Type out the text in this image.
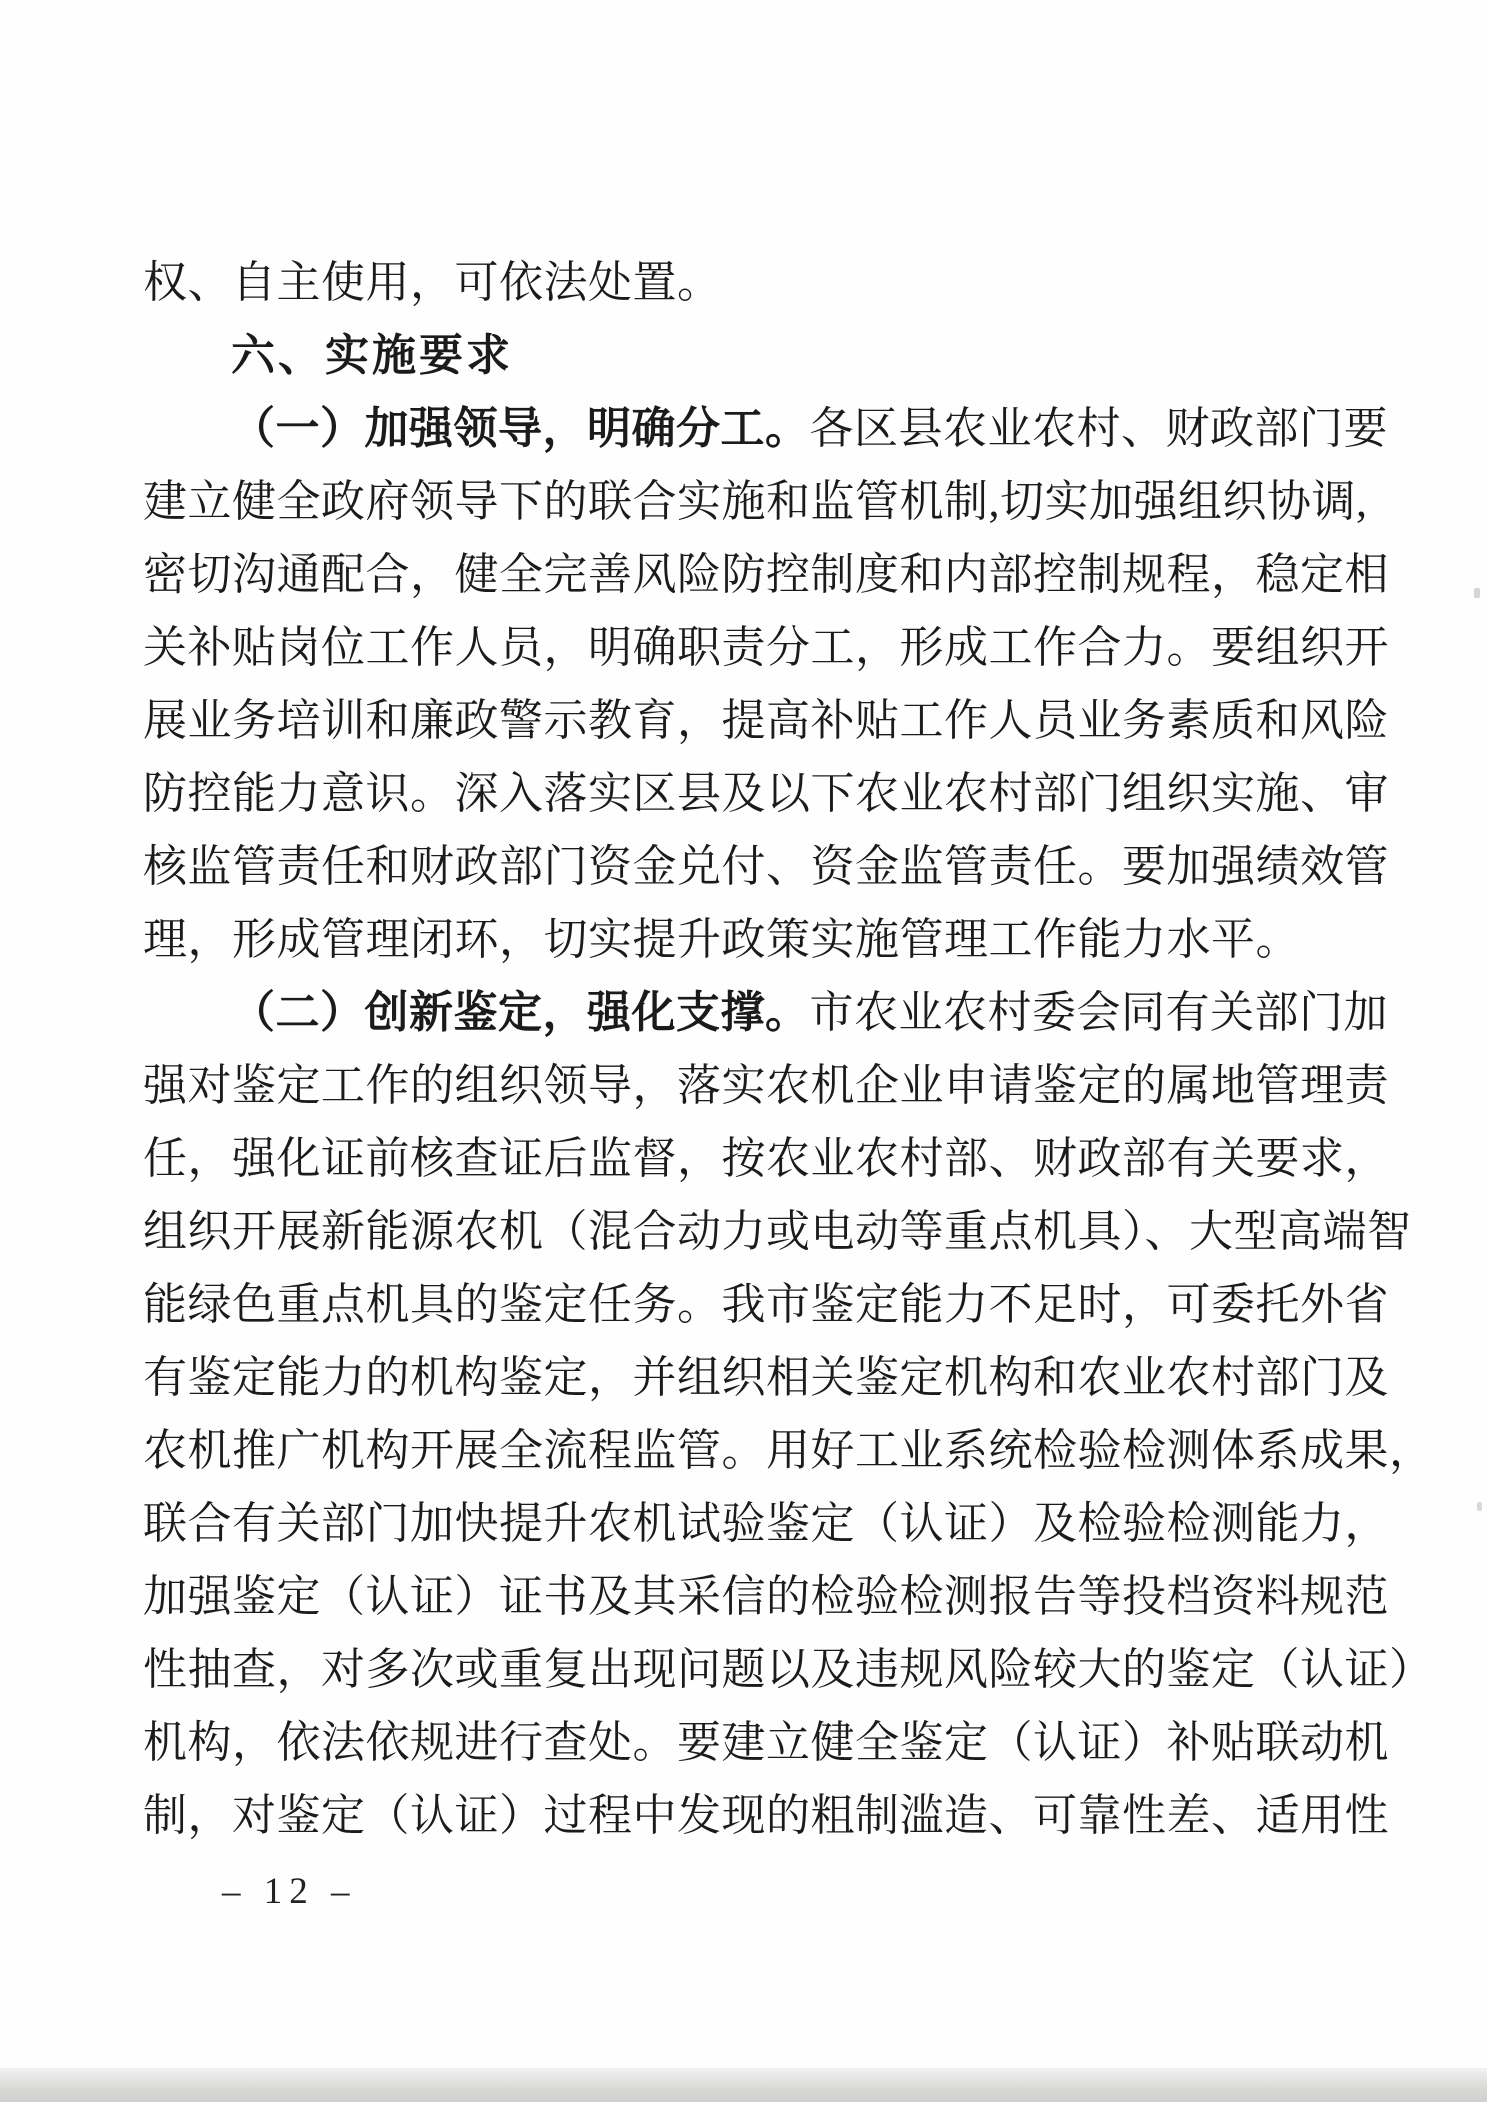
权、自主使用，可依法处置。
六、实施要求
（一）加强领导，明确分工。各区县农业农村、财政部门要
建立健全政府领导下的联合实施和监管机制,切实加强组织协调,
密切沟通配合，健全完善风险防控制度和内部控制规程，稳定相
关补贴岗位工作人员，明确职责分工，形成工作合力。要组织开
展业务培训和廉政警示教育，提高补贴工作人员业务素质和风险
防控能力意识。深入落实区县及以下农业农村部门组织实施、审
核监管责任和财政部门资金兑付、资金监管责任。要加强绩效管
理，形成管理闭环，切实提升政策实施管理工作能力水平。
（二）创新鉴定，强化支撑。市农业农村委会同有关部门加
强对鉴定工作的组织领导，落实农机企业申请鉴定的属地管理责
任，强化证前核查证后监督，按农业农村部、财政部有关要求，
组织开展新能源农机（混合动力或电动等重点机具）、大型高端智
能绿色重点机具的鉴定任务。我市鉴定能力不足时，可委托外省
有鉴定能力的机构鉴定，并组织相关鉴定机构和农业农村部门及
农机推广机构开展全流程监管。用好工业系统检验检测体系成果，
联合有关部门加快提升农机试验鉴定（认证）及检验检测能力，
加强鉴定（认证）证书及其采信的检验检测报告等投档资料规范
性抽查，对多次或重复出现问题以及违规风险较大的鉴定（认证）
机构，依法依规进行查处。要建立健全鉴定（认证）补贴联动机
制，对鉴定（认证）过程中发现的粗制滥造、可靠性差、适用性
– 12 –
